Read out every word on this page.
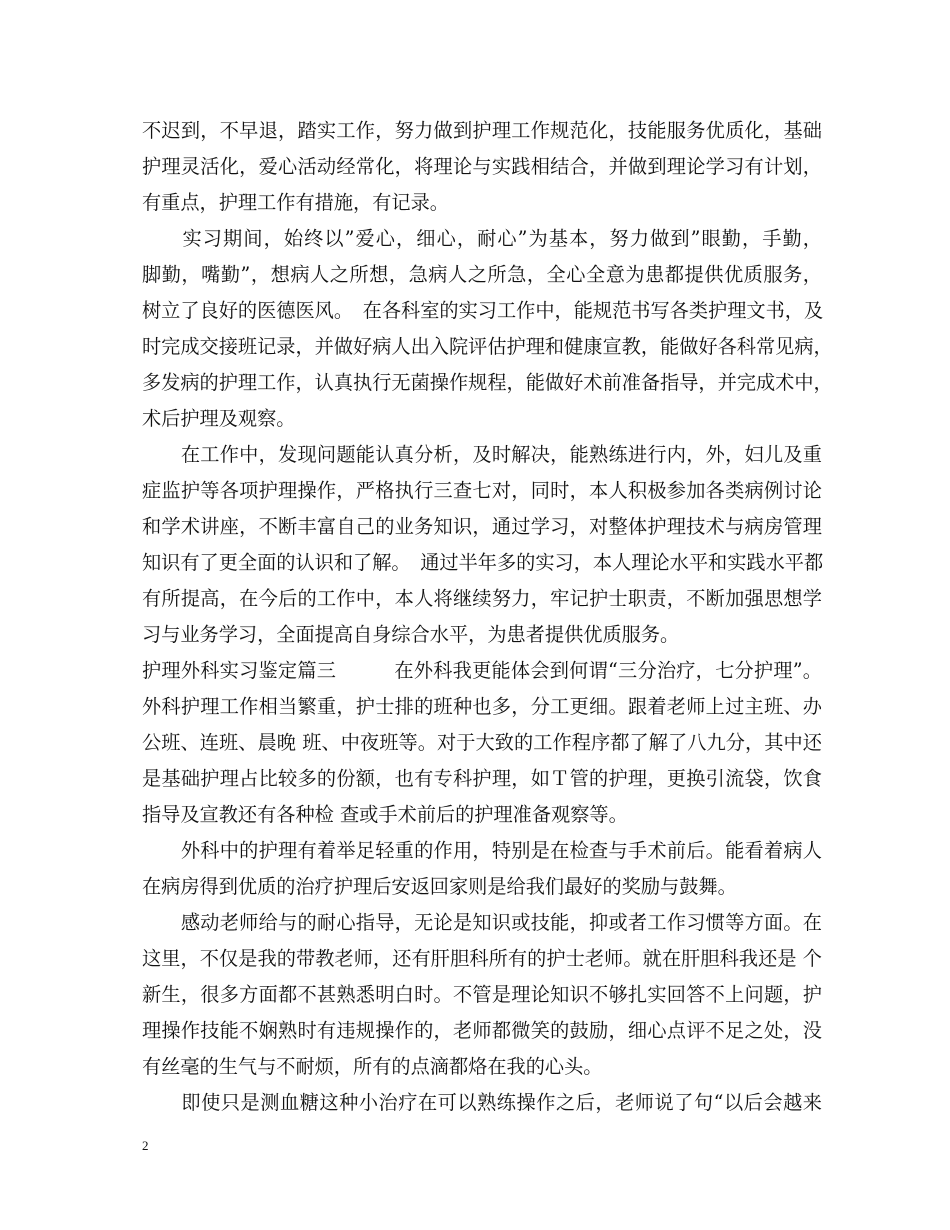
不迟到，不早退，踏实工作，努力做到护理工作规范化，技能服务优质化，基础
护理灵活化，爱心活动经常化，将理论与实践相结合，并做到理论学习有计划，
有重点，护理工作有措施，有记录。
　　实习期间，始终以”爱心，细心，耐心”为基本，努力做到”眼勤，手勤，
脚勤，嘴勤”，想病人之所想，急病人之所急，全心全意为患都提供优质服务，
树立了良好的医德医风。　在各科室的实习工作中，能规范书写各类护理文书，及
时完成交接班记录，并做好病人出入院评估护理和健康宣教，能做好各科常见病，
多发病的护理工作，认真执行无菌操作规程，能做好术前准备指导，并完成术中，
术后护理及观察。
　　在工作中，发现问题能认真分析，及时解决，能熟练进行内，外，妇儿及重
症监护等各项护理操作，严格执行三查七对，同时，本人积极参加各类病例讨论
和学术讲座，不断丰富自己的业务知识，通过学习，对整体护理技术与病房管理
知识有了更全面的认识和了解。　通过半年多的实习，本人理论水平和实践水平都
有所提高，在今后的工作中，本人将继续努力，牢记护士职责，不断加强思想学
习与业务学习，全面提高自身综合水平，为患者提供优质服务。
护理外科实习鉴定篇三　　　在外科我更能体会到何谓“三分治疗，七分护理”。
外科护理工作相当繁重，护士排的班种也多，分工更细。跟着老师上过主班、办
公班、连班、晨晚 班、中夜班等。对于大致的工作程序都了解了八九分，其中还
是基础护理占比较多的份额，也有专科护理，如Ｔ管的护理，更换引流袋，饮食
指导及宣教还有各种检 查或手术前后的护理准备观察等。
　　外科中的护理有着举足轻重的作用，特别是在检查与手术前后。能看着病人
在病房得到优质的治疗护理后安返回家则是给我们最好的奖励与鼓舞。
　　感动老师给与的耐心指导，无论是知识或技能，抑或者工作习惯等方面。在
这里，不仅是我的带教老师，还有肝胆科所有的护士老师。就在肝胆科我还是 个
新生，很多方面都不甚熟悉明白时。不管是理论知识不够扎实回答不上问题，护
理操作技能不娴熟时有违规操作的，老师都微笑的鼓励，细心点评不足之处，没
有丝毫的生气与不耐烦，所有的点滴都烙在我的心头。
　　即使只是测血糖这种小治疗在可以熟练操作之后，老师说了句“以后会越来
2
